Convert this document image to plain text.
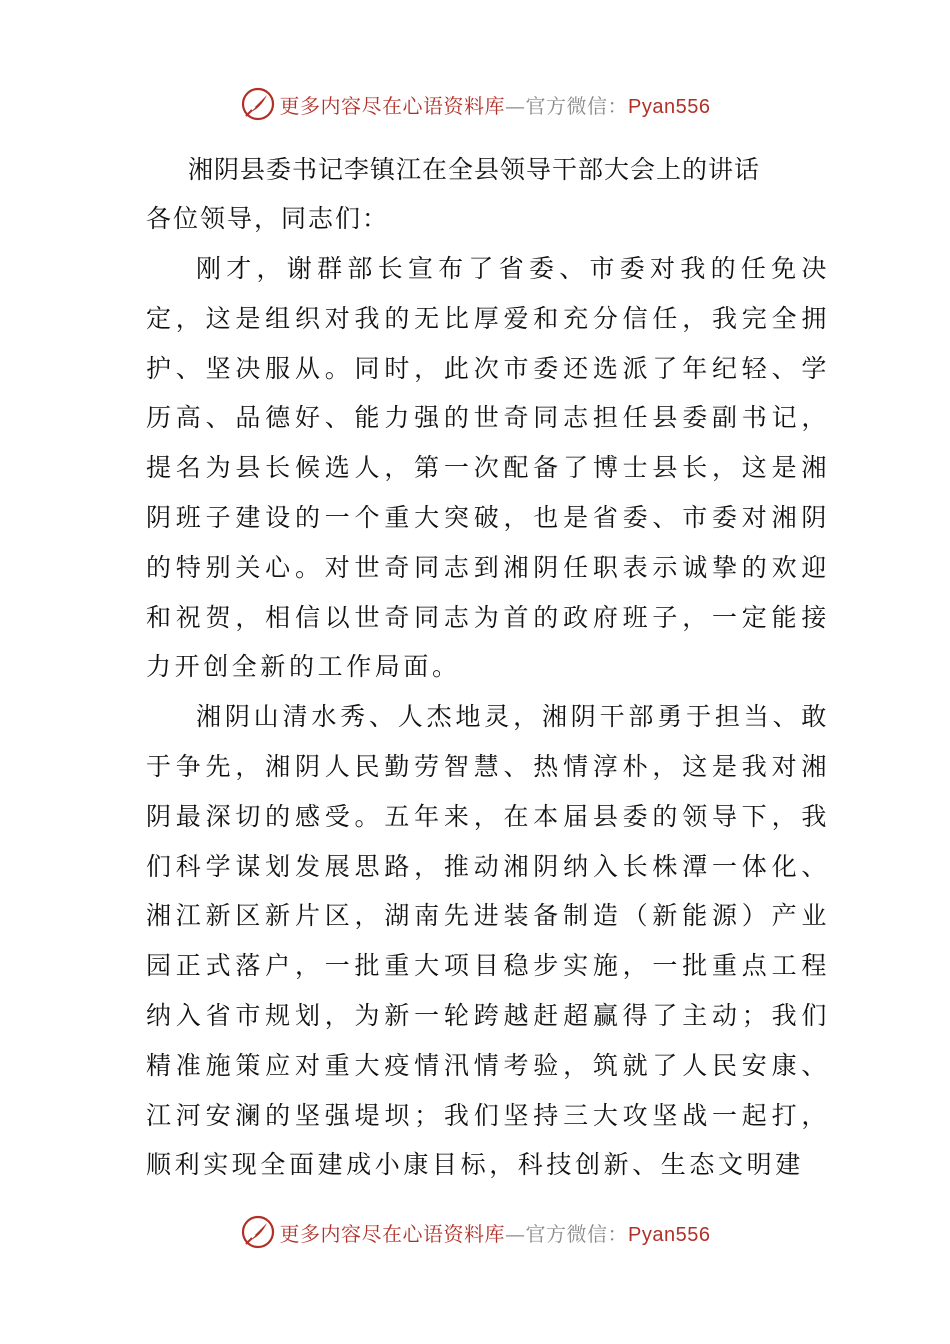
更多内容尽在心语资料库—官方微信：Pyan556
湘阴县委书记李镇江在全县领导干部大会上的讲话

各位领导，同志们：

刚才，谢群部长宣布了省委、市委对我的任免决定，这是组织对我的无比厚爱和充分信任，我完全拥护、坚决服从。同时，此次市委还选派了年纪轻、学历高、品德好、能力强的世奇同志担任县委副书记，提名为县长候选人，第一次配备了博士县长，这是湘阴班子建设的一个重大突破，也是省委、市委对湘阴的特别关心。对世奇同志到湘阴任职表示诚挚的欢迎和祝贺，相信以世奇同志为首的政府班子，一定能接力开创全新的工作局面。

湘阴山清水秀、人杰地灵，湘阴干部勇于担当、敢于争先，湘阴人民勤劳智慧、热情淳朴，这是我对湘阴最深切的感受。五年来，在本届县委的领导下，我们科学谋划发展思路，推动湘阴纳入长株潭一体化、湘江新区新片区，湖南先进装备制造（新能源）产业园正式落户，一批重大项目稳步实施，一批重点工程纳入省市规划，为新一轮跨越赶超赢得了主动；我们精准施策应对重大疫情汛情考验，筑就了人民安康、江河安澜的坚强堤坝；我们坚持三大攻坚战一起打，顺利实现全面建成小康目标，科技创新、生态文明建

更多内容尽在心语资料库—官方微信：Pyan556
